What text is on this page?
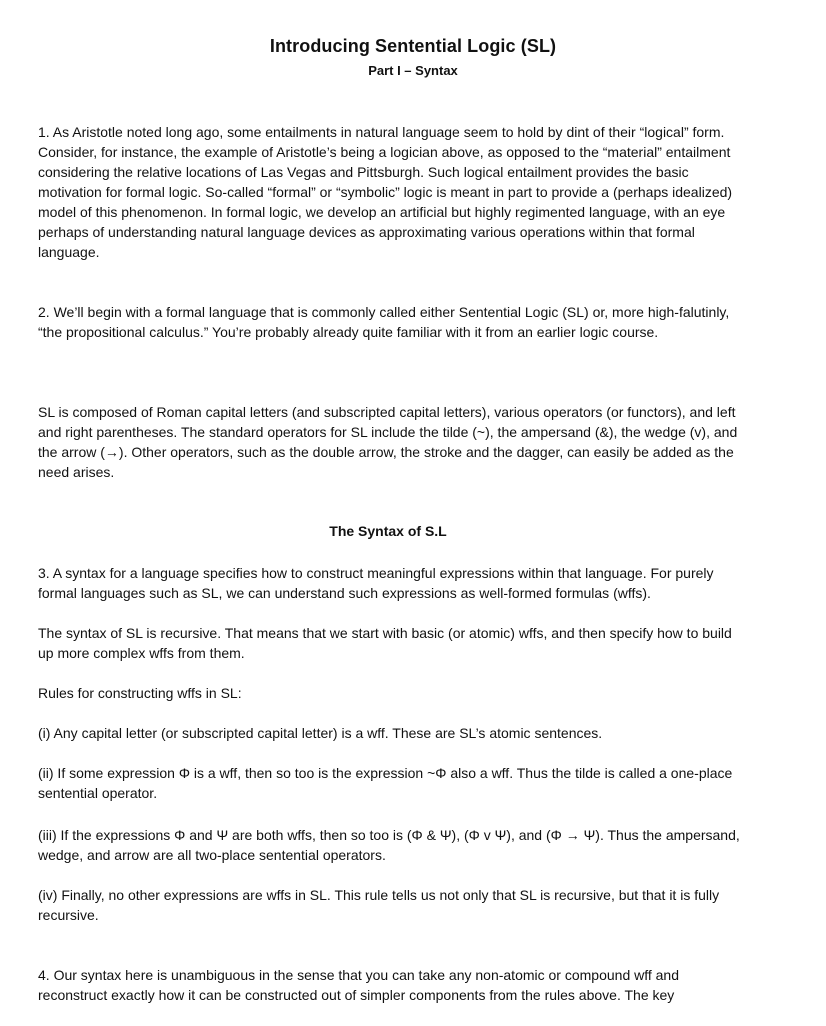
Introducing Sentential Logic (SL)
Part I – Syntax

1. As Aristotle noted long ago, some entailments in natural language seem to hold by dint of their “logical” form. Consider, for instance, the example of Aristotle’s being a logician above, as opposed to the “material” entailment considering the relative locations of Las Vegas and Pittsburgh. Such logical entailment provides the basic motivation for formal logic. So-called “formal” or “symbolic” logic is meant in part to provide a (perhaps idealized) model of this phenomenon. In formal logic, we develop an artificial but highly regimented language, with an eye perhaps of understanding natural language devices as approximating various operations within that formal language.

2. We’ll begin with a formal language that is commonly called either Sentential Logic (SL) or, more high-falutinly, “the propositional calculus.” You’re probably already quite familiar with it from an earlier logic course.

SL is composed of Roman capital letters (and subscripted capital letters), various operators (or functors), and left and right parentheses. The standard operators for SL include the tilde (~), the ampersand (&), the wedge (v), and the arrow (→). Other operators, such as the double arrow, the stroke and the dagger, can easily be added as the need arises.

The Syntax of S.L

3. A syntax for a language specifies how to construct meaningful expressions within that language. For purely formal languages such as SL, we can understand such expressions as well-formed formulas (wffs).

The syntax of SL is recursive. That means that we start with basic (or atomic) wffs, and then specify how to build up more complex wffs from them.

Rules for constructing wffs in SL:

(i) Any capital letter (or subscripted capital letter) is a wff. These are SL’s atomic sentences.

(ii) If some expression Φ is a wff, then so too is the expression ~Φ also a wff. Thus the tilde is called a one-place sentential operator.

(iii) If the expressions Φ and Ψ are both wffs, then so too is (Φ & Ψ), (Φ v Ψ), and (Φ → Ψ). Thus the ampersand, wedge, and arrow are all two-place sentential operators.

(iv) Finally, no other expressions are wffs in SL. This rule tells us not only that SL is recursive, but that it is fully recursive.

4. Our syntax here is unambiguous in the sense that you can take any non-atomic or compound wff and reconstruct exactly how it can be constructed out of simpler components from the rules above. The key
